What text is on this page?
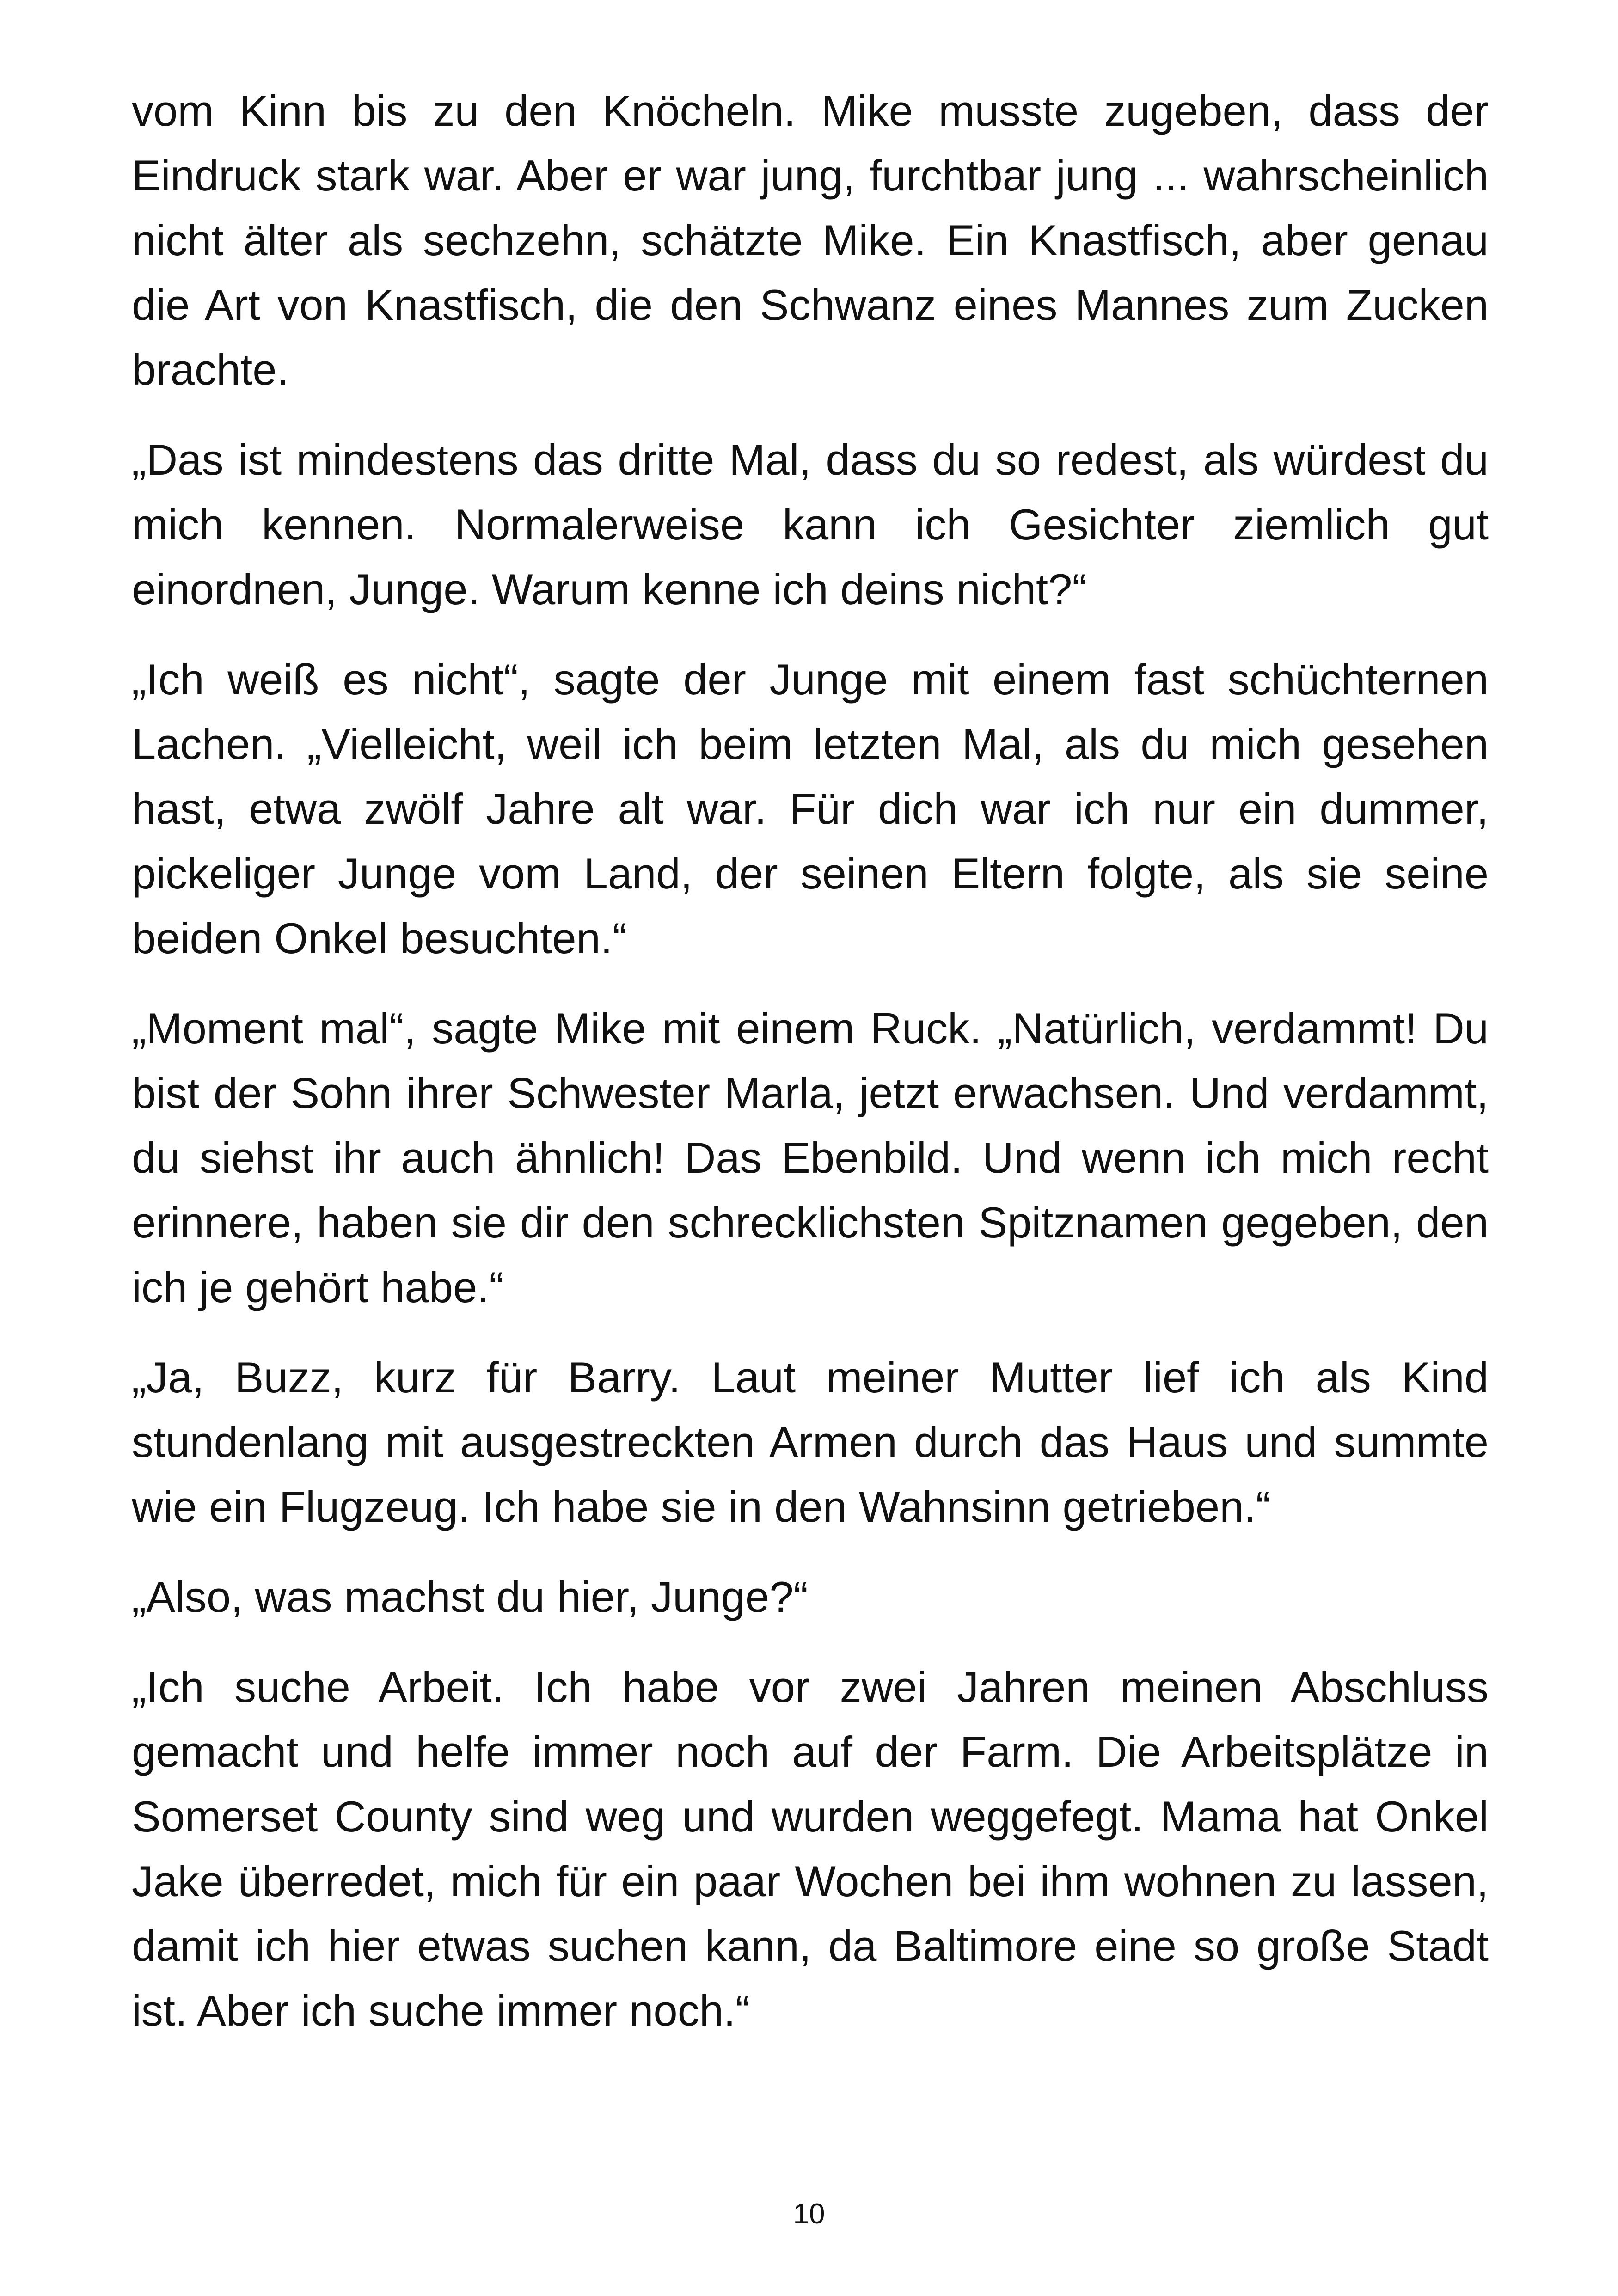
vom Kinn bis zu den Knöcheln. Mike musste zugeben, dass der Eindruck stark war. Aber er war jung, furchtbar jung ... wahrscheinlich nicht älter als sechzehn, schätzte Mike. Ein Knastfisch, aber genau die Art von Knastfisch, die den Schwanz eines Mannes zum Zucken brachte.

„Das ist mindestens das dritte Mal, dass du so redest, als würdest du mich kennen. Normalerweise kann ich Gesichter ziemlich gut einordnen, Junge. Warum kenne ich deins nicht?“

„Ich weiß es nicht“, sagte der Junge mit einem fast schüchternen Lachen. „Vielleicht, weil ich beim letzten Mal, als du mich gesehen hast, etwa zwölf Jahre alt war. Für dich war ich nur ein dummer, pickeliger Junge vom Land, der seinen Eltern folgte, als sie seine beiden Onkel besuchten.“

„Moment mal“, sagte Mike mit einem Ruck. „Natürlich, verdammt! Du bist der Sohn ihrer Schwester Marla, jetzt erwachsen. Und verdammt, du siehst ihr auch ähnlich! Das Ebenbild. Und wenn ich mich recht erinnere, haben sie dir den schrecklichsten Spitznamen gegeben, den ich je gehört habe.“

„Ja, Buzz, kurz für Barry. Laut meiner Mutter lief ich als Kind stundenlang mit ausgestreckten Armen durch das Haus und summte wie ein Flugzeug. Ich habe sie in den Wahnsinn getrieben.“

„Also, was machst du hier, Junge?“

„Ich suche Arbeit. Ich habe vor zwei Jahren meinen Abschluss gemacht und helfe immer noch auf der Farm. Die Arbeitsplätze in Somerset County sind weg und wurden weggefegt. Mama hat Onkel Jake überredet, mich für ein paar Wochen bei ihm wohnen zu lassen, damit ich hier etwas suchen kann, da Baltimore eine so große Stadt ist. Aber ich suche immer noch.“

10
